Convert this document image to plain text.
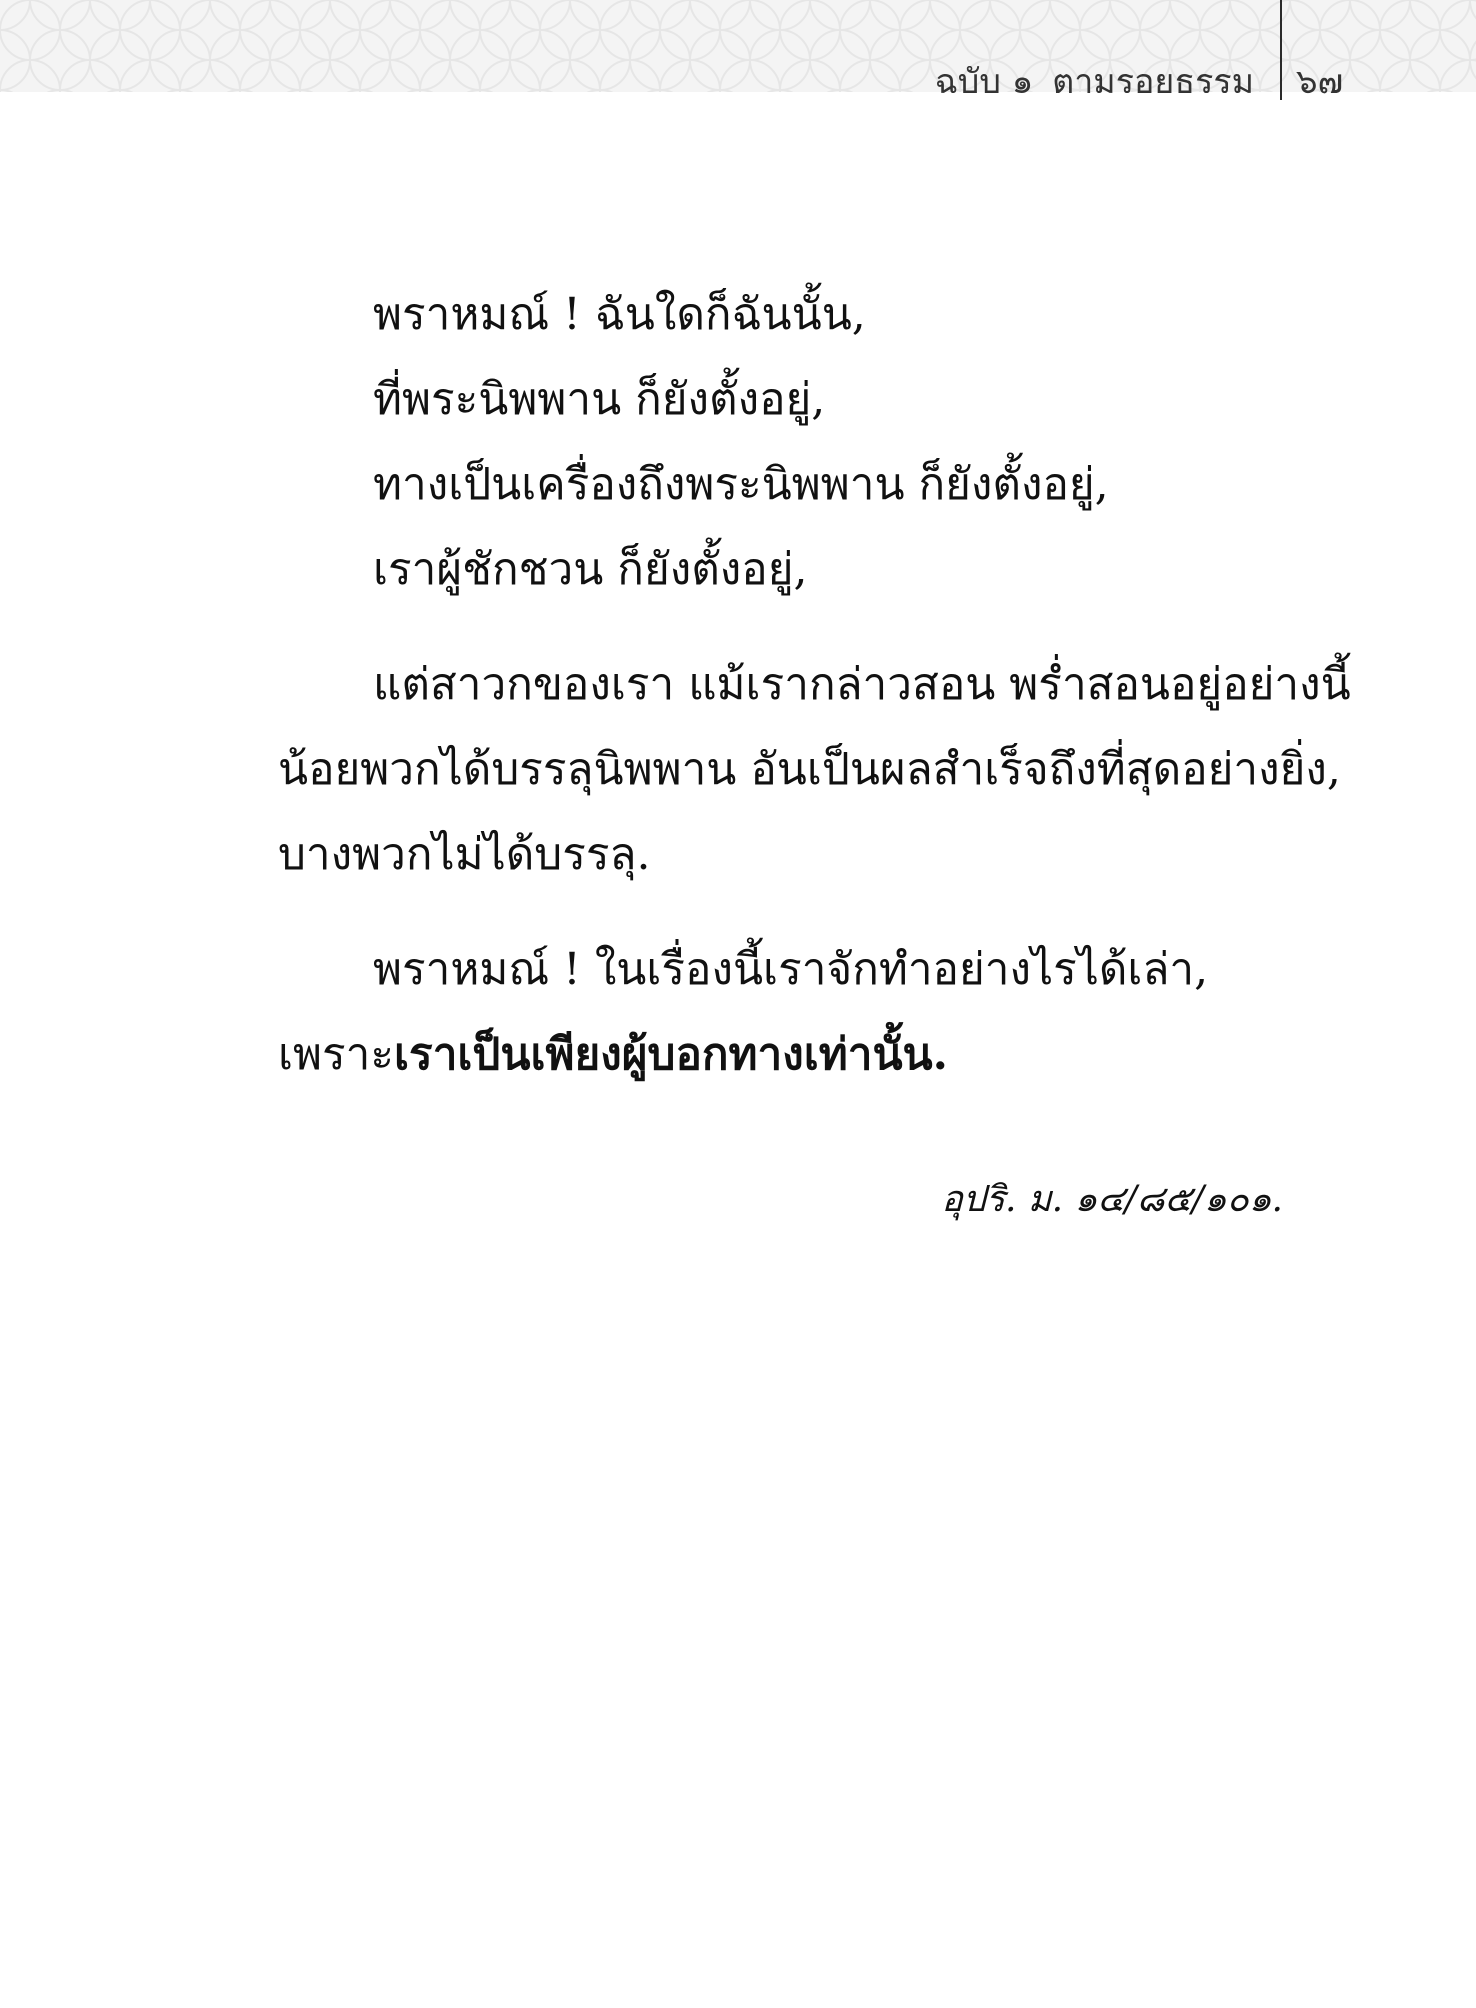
ฉบับ ๑ ตามรอยธรรม ๖๗
พราหมณ์ ! ฉันใดก็ฉันนั้น,
ที่พระนิพพาน ก็ยังตั้งอยู่,
ทางเป็นเครื่องถึงพระนิพพาน ก็ยังตั้งอยู่,
เราผู้ชักชวน ก็ยังตั้งอยู่,
แต่สาวกของเรา แม้เรากล่าวสอน พร่ำสอนอยู่อย่างนี้
น้อยพวกได้บรรลุนิพพาน อันเป็นผลสำเร็จถึงที่สุดอย่างยิ่ง,
บางพวกไม่ได้บรรลุ.
พราหมณ์ ! ในเรื่องนี้เราจักทำอย่างไรได้เล่า,
เพราะเราเป็นเพียงผู้บอกทางเท่านั้น.
อุปริ. ม. ๑๔/๘๕/๑๐๑.
